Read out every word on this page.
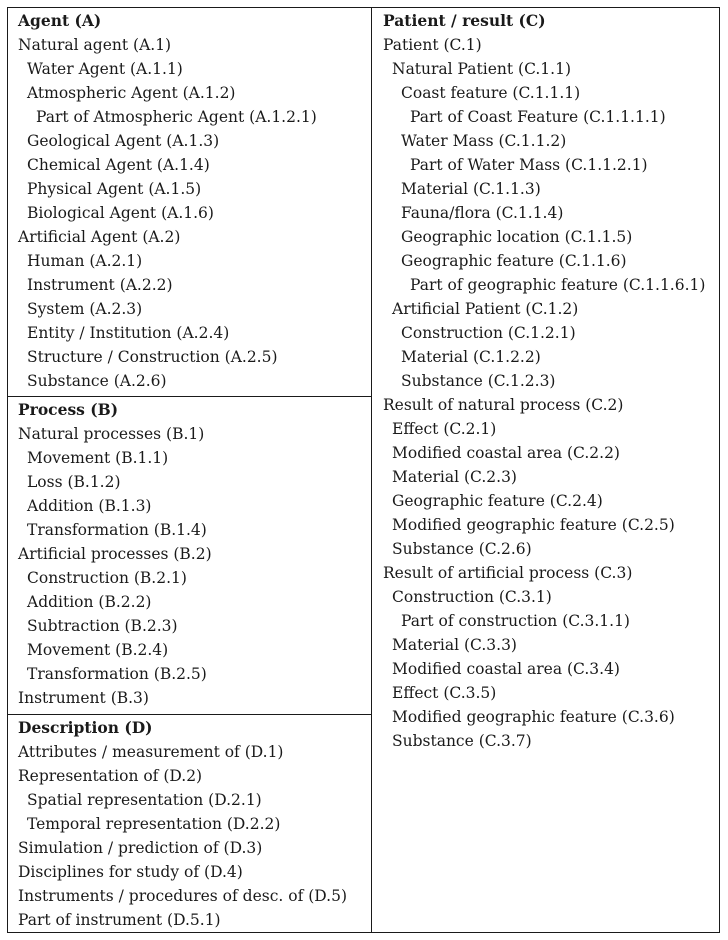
Agent (A)
Natural agent (A.1)
Water Agent (A.1.1)
Atmospheric Agent (A.1.2)
Part of Atmospheric Agent (A.1.2.1)
Geological Agent (A.1.3)
Chemical Agent (A.1.4)
Physical Agent (A.1.5)
Biological Agent (A.1.6)
Artificial Agent (A.2)
Human (A.2.1)
Instrument (A.2.2)
System (A.2.3)
Entity / Institution (A.2.4)
Structure / Construction (A.2.5)
Substance (A.2.6)
Process (B)
Natural processes (B.1)
Movement (B.1.1)
Loss (B.1.2)
Addition (B.1.3)
Transformation (B.1.4)
Artificial processes (B.2)
Construction (B.2.1)
Addition (B.2.2)
Subtraction (B.2.3)
Movement (B.2.4)
Transformation (B.2.5)
Instrument (B.3)
Description (D)
Attributes / measurement of (D.1)
Representation of (D.2)
Spatial representation (D.2.1)
Temporal representation (D.2.2)
Simulation / prediction of (D.3)
Disciplines for study of (D.4)
Instruments / procedures of desc. of (D.5)
Part of instrument (D.5.1)
Patient / result (C)
Patient (C.1)
Natural Patient (C.1.1)
Coast feature (C.1.1.1)
Part of Coast Feature (C.1.1.1.1)
Water Mass (C.1.1.2)
Part of Water Mass (C.1.1.2.1)
Material (C.1.1.3)
Fauna/flora (C.1.1.4)
Geographic location (C.1.1.5)
Geographic feature (C.1.1.6)
Part of geographic feature (C.1.1.6.1)
Artificial Patient (C.1.2)
Construction (C.1.2.1)
Material (C.1.2.2)
Substance (C.1.2.3)
Result of natural process (C.2)
Effect (C.2.1)
Modified coastal area (C.2.2)
Material (C.2.3)
Geographic feature (C.2.4)
Modified geographic feature (C.2.5)
Substance (C.2.6)
Result of artificial process (C.3)
Construction (C.3.1)
Part of construction (C.3.1.1)
Material (C.3.3)
Modified coastal area (C.3.4)
Effect (C.3.5)
Modified geographic feature (C.3.6)
Substance (C.3.7)
